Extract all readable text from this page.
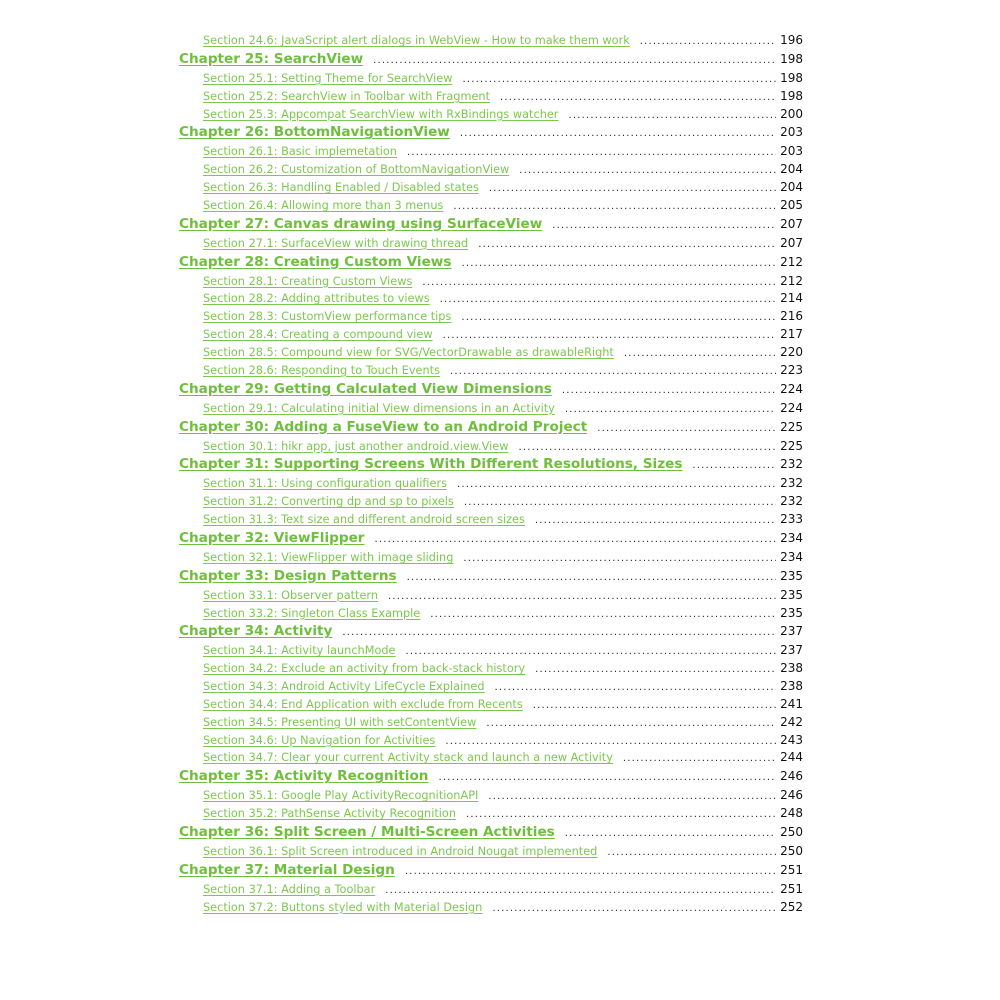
Section 24.6: JavaScript alert dialogs in WebView - How to make them work .....	196
Chapter 25: SearchView .....	198
Section 25.1: Setting Theme for SearchView .....	198
Section 25.2: SearchView in Toolbar with Fragment .....	198
Section 25.3: Appcompat SearchView with RxBindings watcher .....	200
Chapter 26: BottomNavigationView .....	203
Section 26.1: Basic implemetation .....	203
Section 26.2: Customization of BottomNavigationView .....	204
Section 26.3: Handling Enabled / Disabled states .....	204
Section 26.4: Allowing more than 3 menus .....	205
Chapter 27: Canvas drawing using SurfaceView .....	207
Section 27.1: SurfaceView with drawing thread .....	207
Chapter 28: Creating Custom Views .....	212
Section 28.1: Creating Custom Views .....	212
Section 28.2: Adding attributes to views .....	214
Section 28.3: CustomView performance tips .....	216
Section 28.4: Creating a compound view .....	217
Section 28.5: Compound view for SVG/VectorDrawable as drawableRight .....	220
Section 28.6: Responding to Touch Events .....	223
Chapter 29: Getting Calculated View Dimensions .....	224
Section 29.1: Calculating initial View dimensions in an Activity .....	224
Chapter 30: Adding a FuseView to an Android Project .....	225
Section 30.1: hikr app, just another android.view.View .....	225
Chapter 31: Supporting Screens With Different Resolutions, Sizes .....	232
Section 31.1: Using configuration qualifiers .....	232
Section 31.2: Converting dp and sp to pixels .....	232
Section 31.3: Text size and different android screen sizes .....	233
Chapter 32: ViewFlipper .....	234
Section 32.1: ViewFlipper with image sliding .....	234
Chapter 33: Design Patterns .....	235
Section 33.1: Observer pattern .....	235
Section 33.2: Singleton Class Example .....	235
Chapter 34: Activity .....	237
Section 34.1: Activity launchMode .....	237
Section 34.2: Exclude an activity from back-stack history .....	238
Section 34.3: Android Activity LifeCycle Explained .....	238
Section 34.4: End Application with exclude from Recents .....	241
Section 34.5: Presenting UI with setContentView .....	242
Section 34.6: Up Navigation for Activities .....	243
Section 34.7: Clear your current Activity stack and launch a new Activity .....	244
Chapter 35: Activity Recognition .....	246
Section 35.1: Google Play ActivityRecognitionAPI .....	246
Section 35.2: PathSense Activity Recognition .....	248
Chapter 36: Split Screen / Multi-Screen Activities .....	250
Section 36.1: Split Screen introduced in Android Nougat implemented .....	250
Chapter 37: Material Design .....	251
Section 37.1: Adding a Toolbar .....	251
Section 37.2: Buttons styled with Material Design .....	252
